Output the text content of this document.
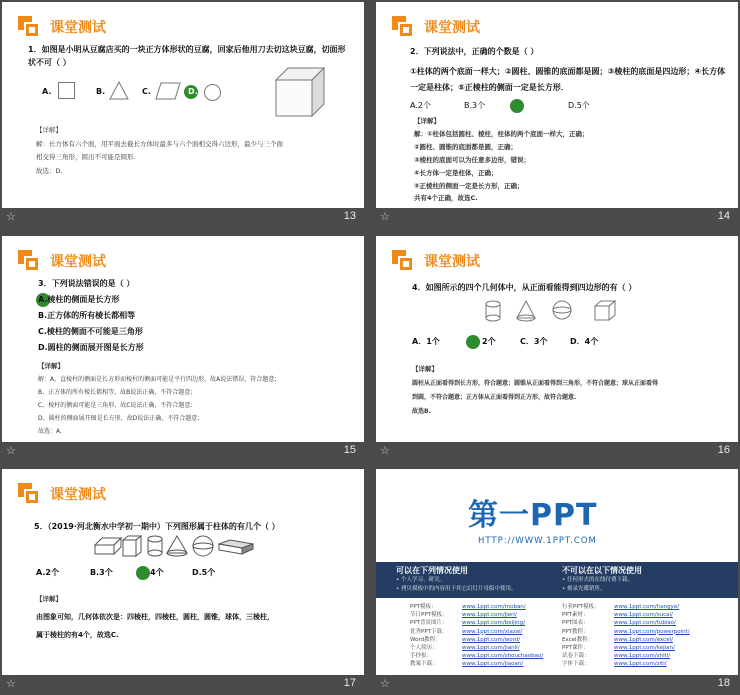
课堂测试
1．如图是小明从豆腐店买的一块正方体形状的豆腐，回家后他用刀去切这块豆腐，切面形
状不可（ ）
A.	B.	C.	D.
【详解】
解：长方体有六个面，用平面去截长方体时最多与六个面相交得六边形，最少与三个面
相交得三角形，圆出不可能是圆形.
故选：D.
☆	13
课堂测试
2．下列说法中，正确的个数是（ ）
①柱体的两个底面一样大；②圆柱、圆锥的底面都是圆；③棱柱的底面是四边形；④长方体
一定是柱体；⑤正棱柱的侧面一定是长方形．
A.2个	B.3个	D.5个
【详解】
解：①柱体包括圆柱、棱柱，柱体的两个底面一样大，正确；
②圆柱、圆锥的底面都是圆，正确；
③棱柱的底面可以为任意多边形，错误；
④长方体一定是柱体，正确；
⑤正棱柱的侧面一定是长方形，正确；
共有4个正确，故选C.
☆	14
课堂测试
3．下列说法错误的是（ ）
A.棱柱的侧面是长方形
B.正方体的所有棱长都相等
C.棱柱的侧面不可能是三角形
D.圆柱的侧面展开图是长方形
【详解】
解：A、直棱柱的侧面是长方形而棱柱的侧面可能是平行四边形，故A说法错误，符合题意；
B、正方体的所有棱长都相等，故B说法正确，不符合题意；
C、棱柱的侧面可能是三角形，故C说法正确，不符合题意；
D、圆柱的侧面展开图是长方形，故D说法正确，不符合题意；
故选：A.
☆	15
课堂测试
4．如图所示的四个几何体中，从正面看能得到四边形的有（ ）
A．1个	2个	C．3个	D．4个
【详解】
圆柱从正面看得到长方形，符合题意；圆锥从正面看得到三角形，不符合题意；球从正面看得
到圆，不符合题意；正方体从正面看得到正方形，故符合题意.
故选B.
☆	16
课堂测试
5．（2019·河北衡水中学初一期中）下列图形属于柱体的有几个（ ）
A.2个	B.3个	4个	D.5个
【详解】
由图象可知，几何体依次是：四棱柱，四棱柱，圆柱，圆锥，球体，三棱柱，
属于棱柱的有4个，故选C.
☆	17
第一PPT
HTTP://WWW.1PPT.COM
可以在下列情况使用
• 个人学习、研究。
• 拷贝模板中的内容用于其它幻灯片母版中使用。
不可以在以下情况使用
• 任何形式的在线付费下载。
• 刻录光碟销售。
PPT模板：	www.1ppt.com/moban/
节日PPT模板：	www.1ppt.com/jieri/
PPT背景图片：	www.1ppt.com/beijing/
优秀PPT下载：	www.1ppt.com/xiazai/
Word教程：	www.1ppt.com/word/
个人简历：	www.1ppt.com/jianli/
手抄报：	www.1ppt.com/shouchaobao/
教案下载：	www.1ppt.com/jiaoan/
行业PPT模板：	www.1ppt.com/hangye/
PPT素材：	www.1ppt.com/sucai/
PPT图表：	www.1ppt.com/tubiao/
PPT教程：	www.1ppt.com/powerpoint/
Excel教程：	www.1ppt.com/excel/
PPT课件：	www.1ppt.com/kejian/
试卷下载：	www.1ppt.com/shiti/
字体下载：	www.1ppt.com/ziti/
☆	18
